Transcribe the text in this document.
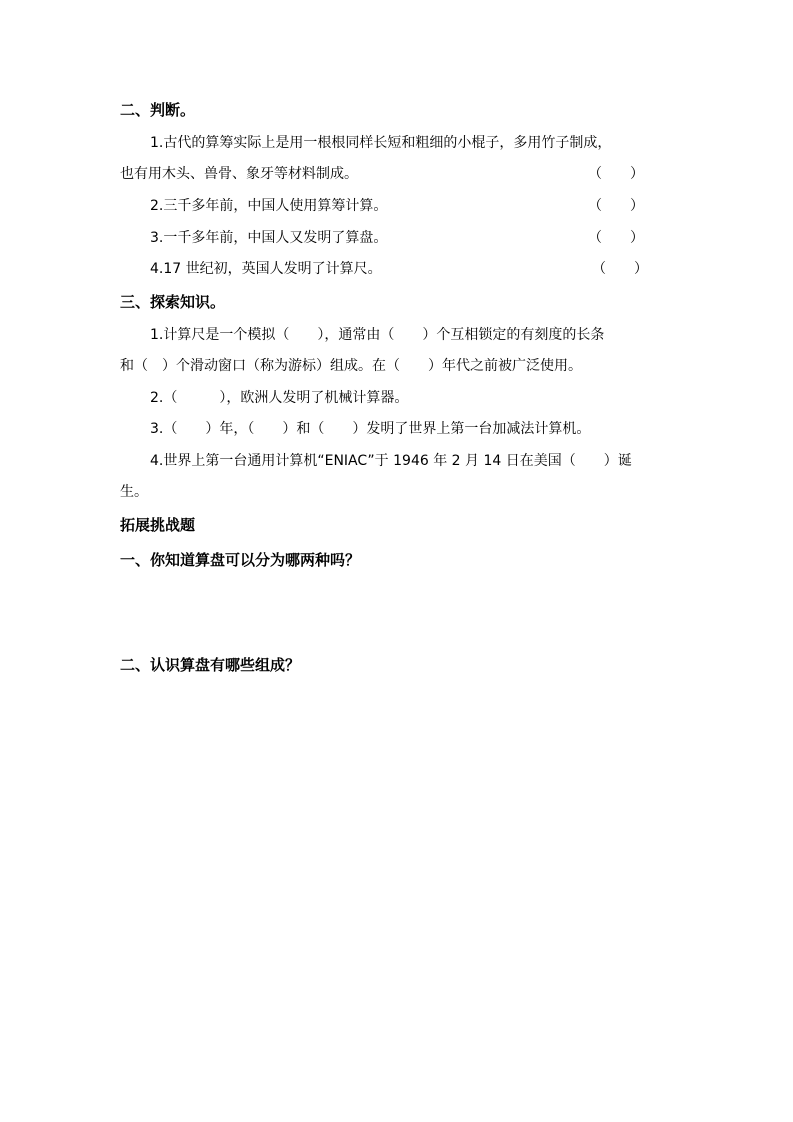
二、判断。
1.古代的算筹实际上是用一根根同样长短和粗细的小棍子，多用竹子制成，
也有用木头、兽骨、象牙等材料制成。	（　　）
2.三千多年前，中国人使用算筹计算。	（　　）
3.一千多年前，中国人又发明了算盘。	（　　）
4.17 世纪初，英国人发明了计算尺。	（　　）
三、探索知识。
1.计算尺是一个模拟（　　），通常由（　　）个互相锁定的有刻度的长条
和（　）个滑动窗口（称为游标）组成。在（　　）年代之前被广泛使用。
2.（　　　），欧洲人发明了机械计算器。
3.（　　）年，（　　）和（　　）发明了世界上第一台加减法计算机。
4.世界上第一台通用计算机“ENIAC”于 1946 年 2 月 14 日在美国（　　）诞
生。
拓展挑战题
一、你知道算盘可以分为哪两种吗？
二、认识算盘有哪些组成？
